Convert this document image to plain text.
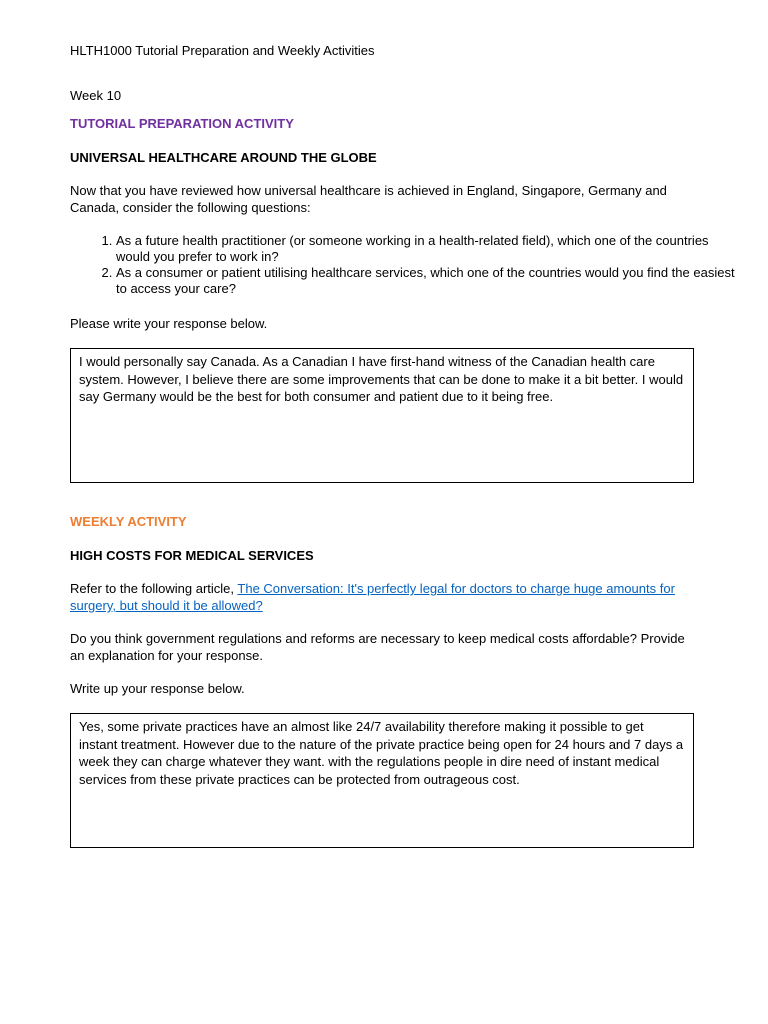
HLTH1000 Tutorial Preparation and Weekly Activities
Week 10
TUTORIAL PREPARATION ACTIVITY
UNIVERSAL HEALTHCARE AROUND THE GLOBE
Now that you have reviewed how universal healthcare is achieved in England, Singapore, Germany and Canada, consider the following questions:
1. As a future health practitioner (or someone working in a health-related field), which one of the countries would you prefer to work in?
2. As a consumer or patient utilising healthcare services, which one of the countries would you find the easiest to access your care?
Please write your response below.
I would personally say Canada. As a Canadian I have first-hand witness of the Canadian health care system. However, I believe there are some improvements that can be done to make it a bit better. I would say Germany would be the best for both consumer and patient due to it being free.
WEEKLY ACTIVITY
HIGH COSTS FOR MEDICAL SERVICES
Refer to the following article, The Conversation: It's perfectly legal for doctors to charge huge amounts for surgery, but should it be allowed?
Do you think government regulations and reforms are necessary to keep medical costs affordable? Provide an explanation for your response.
Write up your response below.
Yes, some private practices have an almost like 24/7 availability therefore making it possible to get instant treatment. However due to the nature of the private practice being open for 24 hours and 7 days a week they can charge whatever they want. with the regulations people in dire need of instant medical services from these private practices can be protected from outrageous cost.
